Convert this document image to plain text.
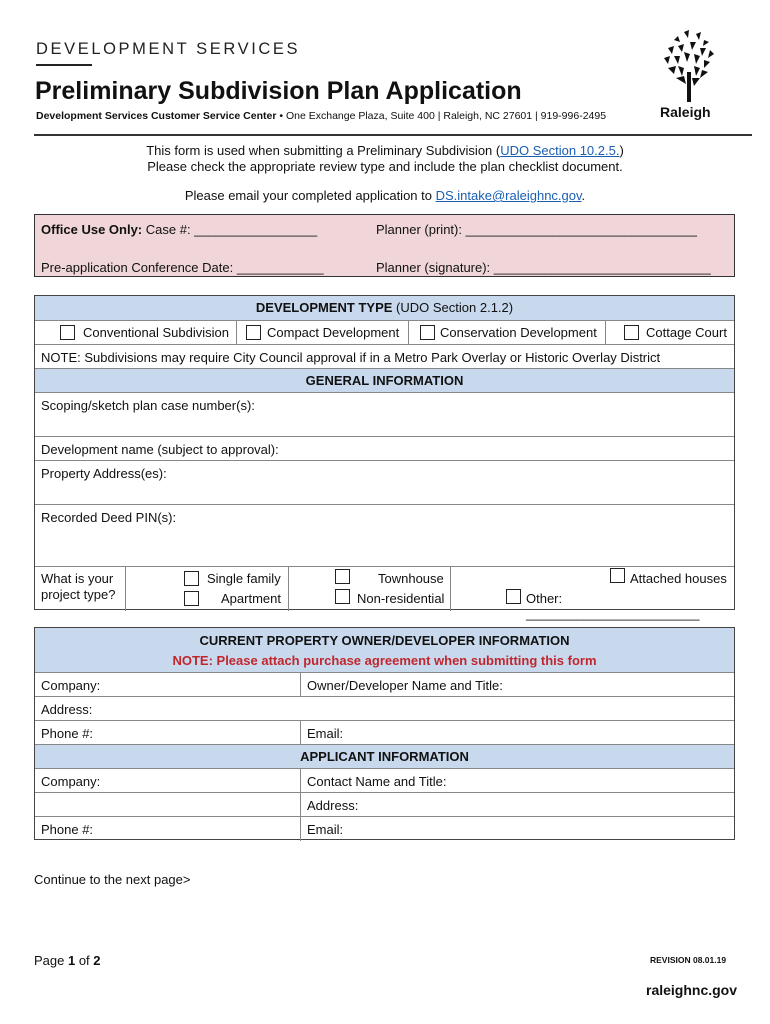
DEVELOPMENT SERVICES
Preliminary Subdivision Plan Application
Development Services Customer Service Center • One Exchange Plaza, Suite 400 | Raleigh, NC 27601 | 919-996-2495	Raleigh
This form is used when submitting a Preliminary Subdivision (UDO Section 10.2.5.)
Please check the appropriate review type and include the plan checklist document.
Please email your completed application to DS.intake@raleighnc.gov.
Office Use Only: Case #: _________________	Planner (print): ________________________________
Pre-application Conference Date: ____________	Planner (signature): ______________________________
DEVELOPMENT TYPE (UDO Section 2.1.2)
Conventional Subdivision	Compact Development	Conservation Development	Cottage Court
NOTE: Subdivisions may require City Council approval if in a Metro Park Overlay or Historic Overlay District
GENERAL INFORMATION
Scoping/sketch plan case number(s):
Development name (subject to approval):
Property Address(es):
Recorded Deed PIN(s):
What is your
project type?
Single family
Apartment
Townhouse
Non-residential
Attached houses
Other: ________________________
CURRENT PROPERTY OWNER/DEVELOPER INFORMATION
NOTE: Please attach purchase agreement when submitting this form
Company:	Owner/Developer Name and Title:
Address:
Phone #:	Email:
APPLICANT INFORMATION
Company:	Contact Name and Title:
Address:
Phone #:	Email:
Continue to the next page>
Page 1 of 2	REVISION 08.01.19
raleighnc.gov
